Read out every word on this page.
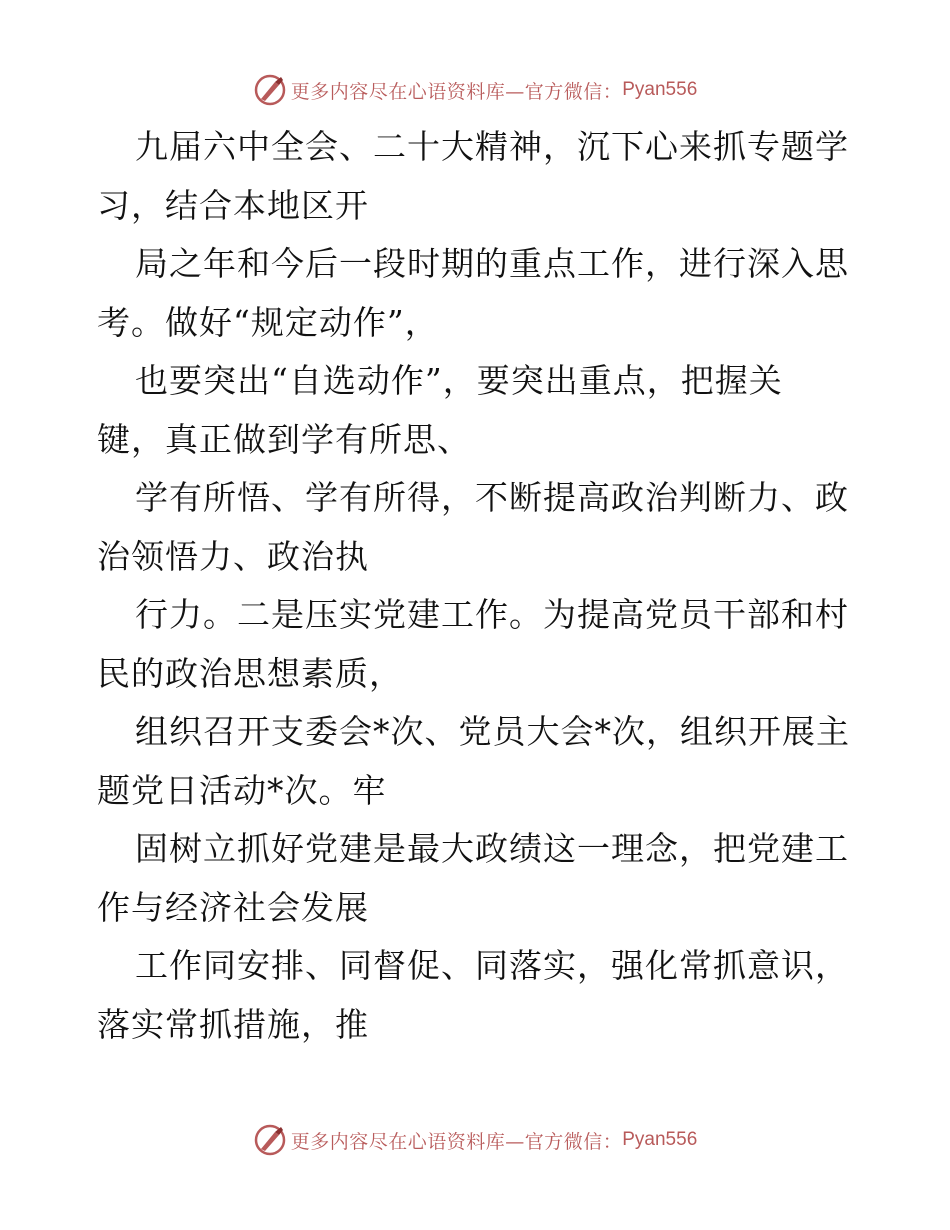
更多内容尽在心语资料库—官方微信： Pyan556
九届六中全会、二十大精神，沉下心来抓专题学
习，结合本地区开
局之年和今后一段时期的重点工作，进行深入思
考。做好“规定动作”，
也要突出“自选动作”，要突出重点，把握关
键，真正做到学有所思、
学有所悟、学有所得，不断提高政治判断力、政
治领悟力、政治执
行力。二是压实党建工作。为提高党员干部和村
民的政治思想素质，
组织召开支委会*次、党员大会*次，组织开展主
题党日活动*次。牢
固树立抓好党建是最大政绩这一理念，把党建工
作与经济社会发展
工作同安排、同督促、同落实，强化常抓意识，
落实常抓措施，推
更多内容尽在心语资料库—官方微信： Pyan556
